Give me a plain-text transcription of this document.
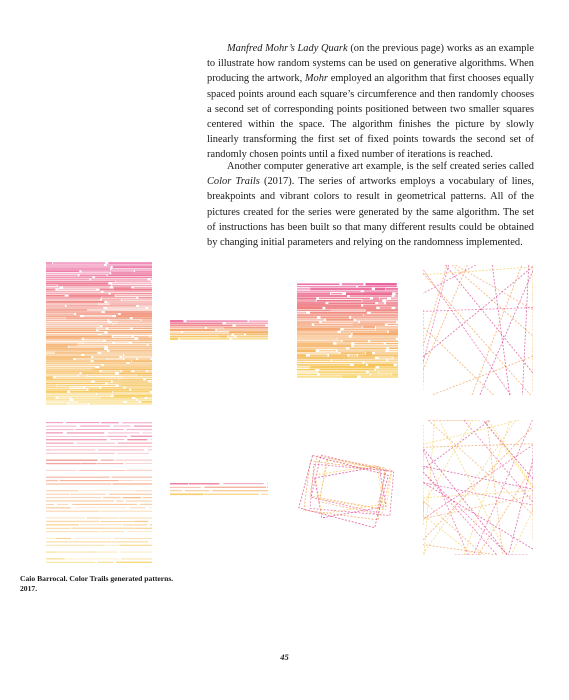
Manfred Mohr’s Lady Quark (on the previous page) works as an example to illustrate how random systems can be used on generative algorithms. When producing the artwork, Mohr employed an algorithm that first chooses equally spaced points around each square’s circumference and then randomly chooses a second set of corresponding points positioned between two smaller squares centered within the space. The algorithm finishes the picture by slowly linearly transforming the first set of fixed points towards the second set of randomly chosen points until a fixed number of iterations is reached.

Another computer generative art example, is the self created series called Color Trails (2017). The series of artworks employs a vocabulary of lines, breakpoints and vibrant colors to result in geometrical patterns. All of the pictures created for the series were generated by the same algorithm. The set of instructions has been built so that many different results could be obtained by changing initial parameters and relying on the randomness implemented.

Caio Barrocal. Color Trails generated patterns.
2017.

45
